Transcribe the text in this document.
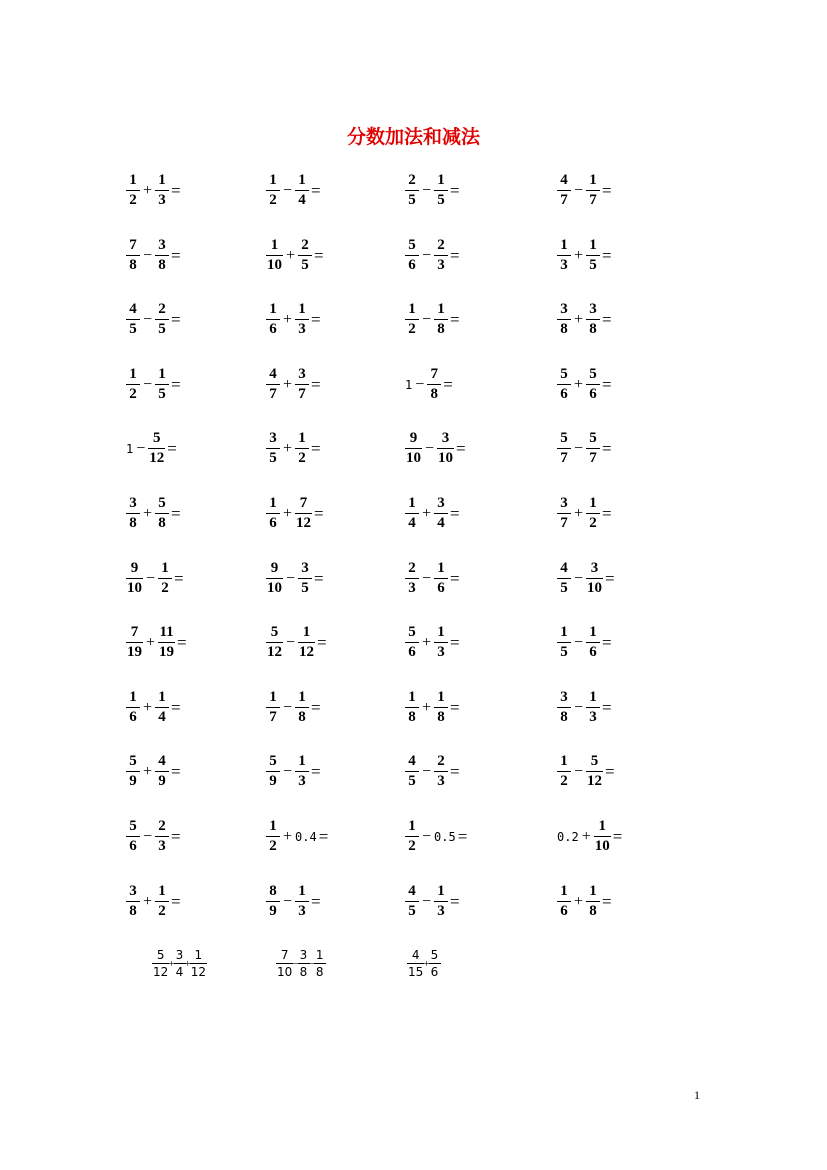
分数加法和减法
$\frac{1}{2} + \frac{1}{3}$ =	$\frac{1}{2} - \frac{1}{4}$ =	$\frac{2}{5} - \frac{1}{5}$ =	$\frac{4}{7} - \frac{1}{7}$ =
$\frac{7}{8} - \frac{3}{8}$ =	$\frac{1}{10} + \frac{2}{5}$ =	$\frac{5}{6} - \frac{2}{3}$ =	$\frac{1}{3} + \frac{1}{5}$ =
$\frac{4}{5} - \frac{2}{5}$ =	$\frac{1}{6} + \frac{1}{3}$ =	$\frac{1}{2} - \frac{1}{8}$ =	$\frac{3}{8} + \frac{3}{8}$ =
$\frac{1}{2} - \frac{1}{5}$ =	$\frac{4}{7} + \frac{3}{7}$ =	$1 - \frac{7}{8}$ =	$\frac{5}{6} + \frac{5}{6}$ =
$1 - \frac{5}{12}$ =	$\frac{3}{5} + \frac{1}{2}$ =	$\frac{9}{10} - \frac{3}{10}$ =	$\frac{5}{7} - \frac{5}{7}$ =
$\frac{3}{8} + \frac{5}{8}$ =	$\frac{1}{6} + \frac{7}{12}$ =	$\frac{1}{4} + \frac{3}{4}$ =	$\frac{3}{7} + \frac{1}{2}$ =
$\frac{9}{10} - \frac{1}{2}$ =	$\frac{9}{10} - \frac{3}{5}$ =	$\frac{2}{3} - \frac{1}{6}$ =	$\frac{4}{5} - \frac{3}{10}$ =
$\frac{7}{19} + \frac{11}{19}$ =	$\frac{5}{12} - \frac{1}{12}$ =	$\frac{5}{6} + \frac{1}{3}$ =	$\frac{1}{5} - \frac{1}{6}$ =
$\frac{1}{6} + \frac{1}{4}$ =	$\frac{1}{7} - \frac{1}{8}$ =	$\frac{1}{8} + \frac{1}{8}$ =	$\frac{3}{8} - \frac{1}{3}$ =
$\frac{5}{9} + \frac{4}{9}$ =	$\frac{5}{9} - \frac{1}{3}$ =	$\frac{4}{5} - \frac{2}{3}$ =	$\frac{1}{2} - \frac{5}{12}$ =
$\frac{5}{6} - \frac{2}{3}$ =	$\frac{1}{2} + 0.4$ =	$\frac{1}{2} - 0.5$ =	$0.2 + \frac{1}{10}$ =
$\frac{3}{8} + \frac{1}{2}$ =	$\frac{8}{9} - \frac{1}{3}$ =	$\frac{4}{5} - \frac{1}{3}$ =	$\frac{1}{6} + \frac{1}{8}$ =
$\frac{5}{12} + \frac{3}{4} + \frac{1}{12}$	$\frac{7}{10} - \frac{3}{8} - \frac{1}{8}$	$\frac{4}{15} + \frac{5}{6}$
1
